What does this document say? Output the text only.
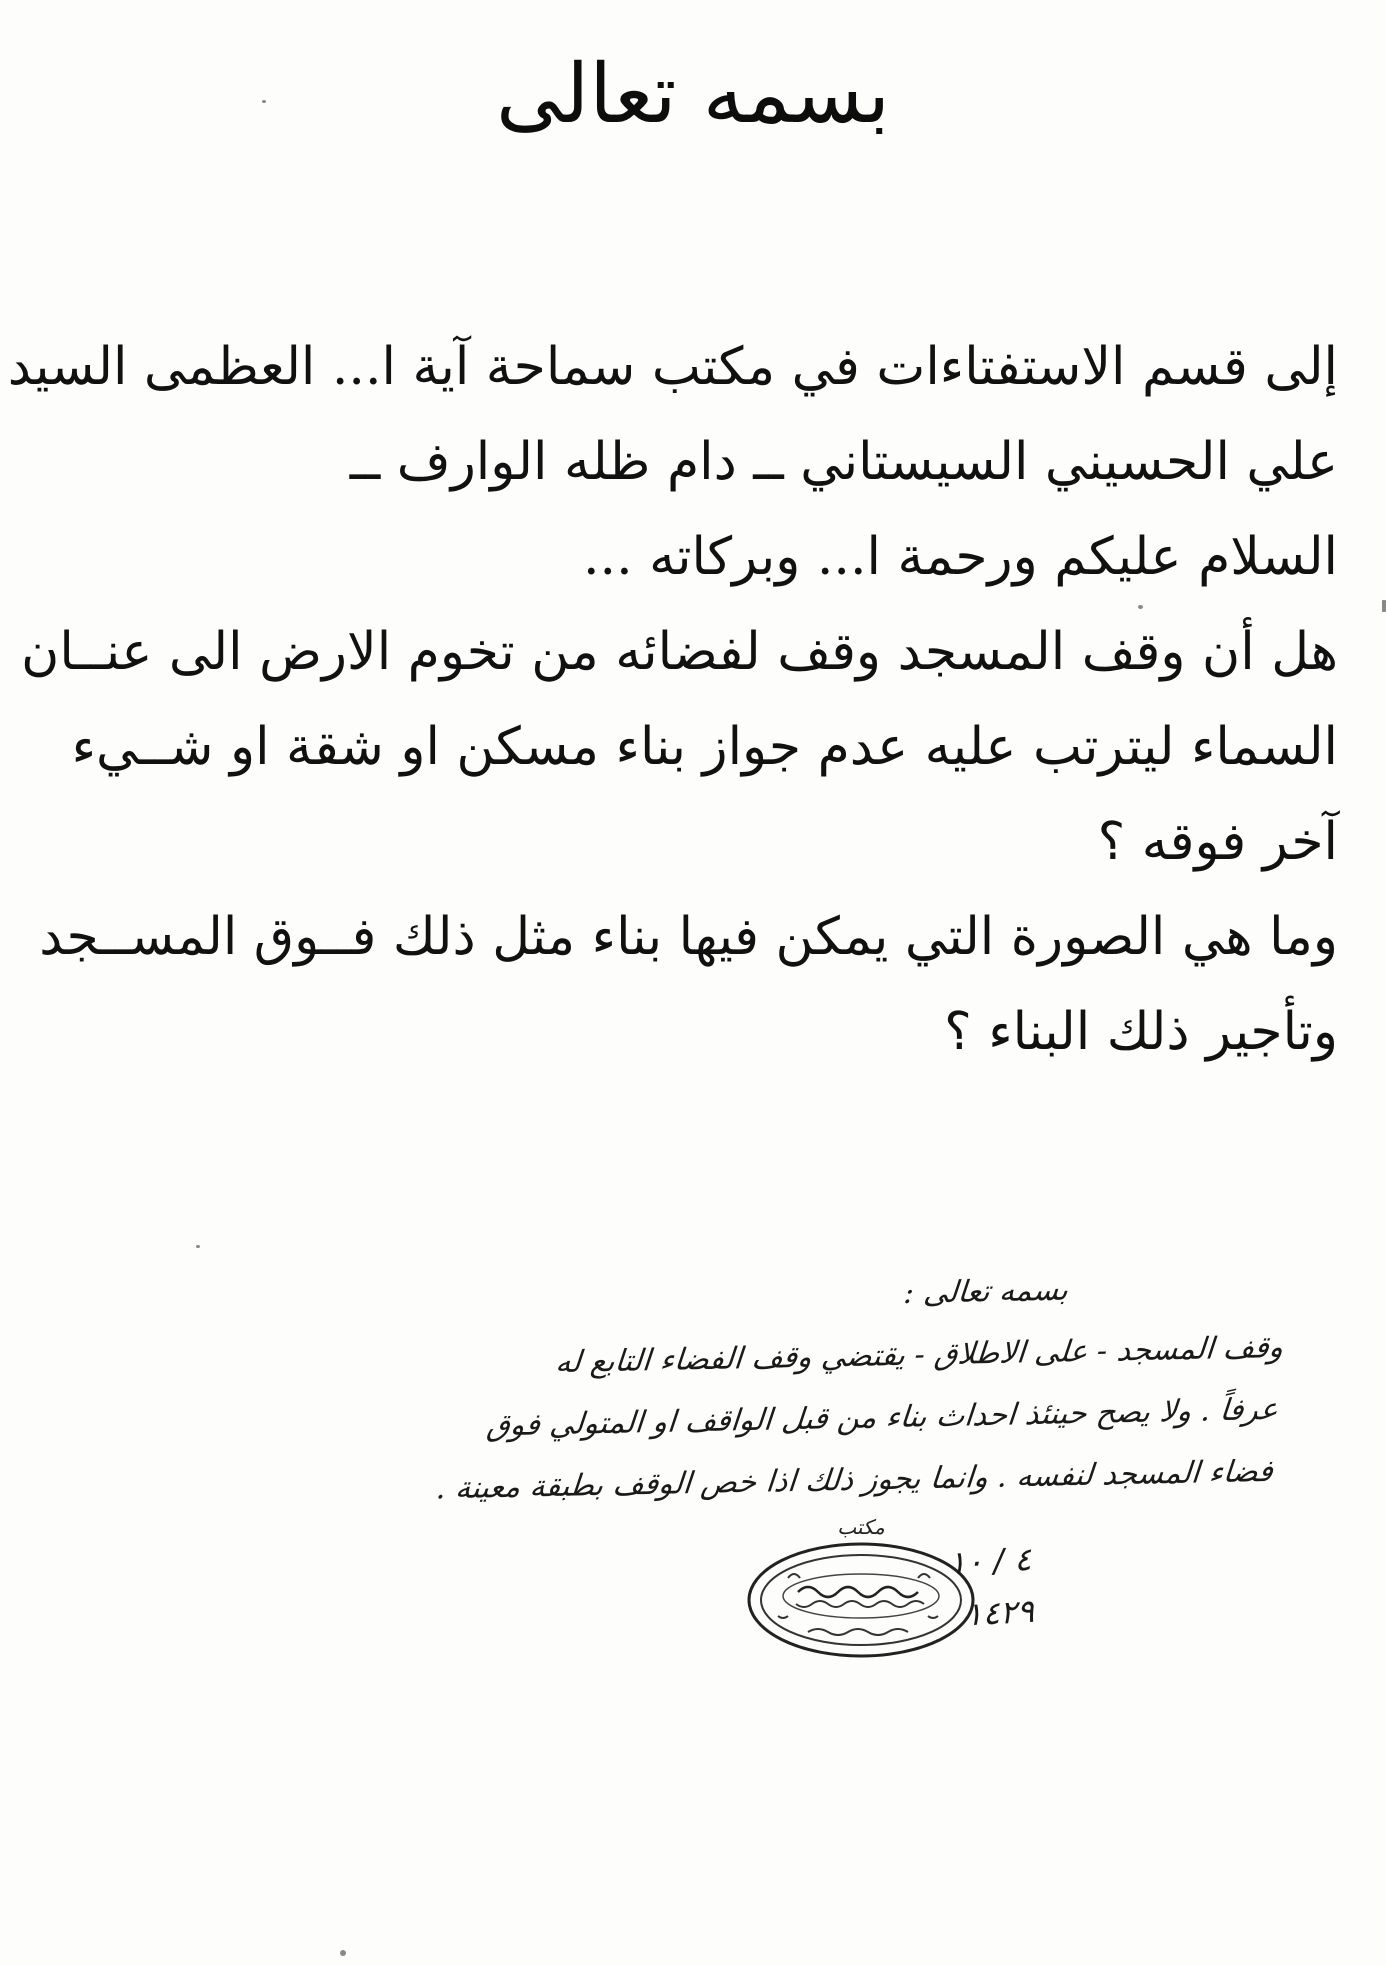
بسمه تعالى
إلى قسم الاستفتاءات في مكتب سماحة آية ا... العظمى السيد
علي الحسيني السيستاني ــ دام ظله الوارف ــ
السلام عليكم ورحمة ا... وبركاته ...
هل أن وقف المسجد وقف لفضائه من تخوم الارض الى عنــان
السماء ليترتب عليه عدم جواز بناء مسكن او شقة او شــيء
آخر فوقه ؟
وما هي الصورة التي يمكن فيها بناء مثل ذلك فــوق المســجد
وتأجير ذلك البناء ؟
بسمه تعالى :
وقف المسجد - على الاطلاق - يقتضي وقف الفضاء التابع له
عرفاً . ولا يصح حينئذ احداث بناء من قبل الواقف او المتولي فوق
فضاء المسجد لنفسه . وانما يجوز ذلك اذا خص الوقف بطبقة معينة .
مكتب
٤ / ١٠
١٤٢٩
